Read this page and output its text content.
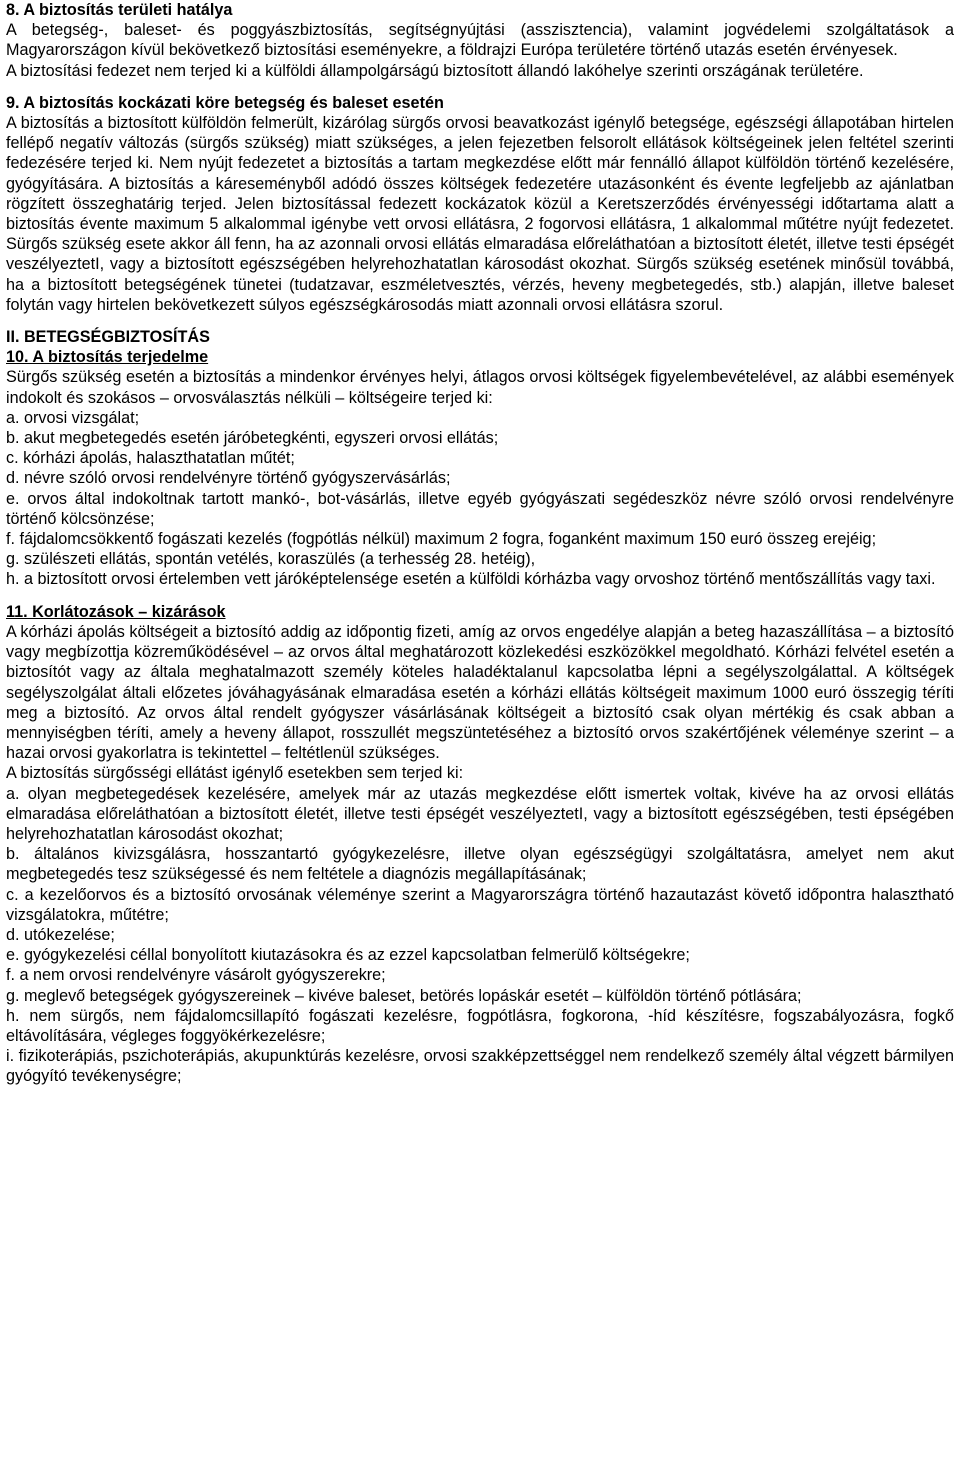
8. A biztosítás területi hatálya

A betegség-, baleset- és poggyászbiztosítás, segítségnyújtási (asszisztencia), valamint jogvédelemi szolgáltatások a Magyarországon kívül bekövetkező biztosítási eseményekre, a földrajzi Európa területére történő utazás esetén érvényesek.

A biztosítási fedezet nem terjed ki a külföldi állampolgárságú biztosított állandó lakóhelye szerinti országának területére.

9. A biztosítás kockázati köre betegség és baleset esetén

A biztosítás a biztosított külföldön felmerült, kizárólag sürgős orvosi beavatkozást igénylő betegsége, egészségi állapotában hirtelen fellépő negatív változás (sürgős szükség) miatt szükséges, a jelen fejezetben felsorolt ellátások költségeinek jelen feltétel szerinti fedezésére terjed ki. Nem nyújt fedezetet a biztosítás a tartam megkezdése előtt már fennálló állapot külföldön történő kezelésére, gyógyítására. A biztosítás a káreseményből adódó összes költségek fedezetére utazásonként és évente legfeljebb az ajánlatban rögzített összeghatárig terjed. Jelen biztosítással fedezett kockázatok közül a Keretszerződés érvényességi időtartama alatt a biztosítás évente maximum 5 alkalommal igénybe vett orvosi ellátásra, 2 fogorvosi ellátásra, 1 alkalommal műtétre nyújt fedezetet. Sürgős szükség esete akkor áll fenn, ha az azonnali orvosi ellátás elmaradása előreláthatóan a biztosított életét, illetve testi épségét veszélyeztetI, vagy a biztosított egészségében helyrehozhatatlan károsodást okozhat. Sürgős szükség esetének minősül továbbá, ha a biztosított betegségének tünetei (tudatzavar, eszméletvesztés, vérzés, heveny megbetegedés, stb.) alapján, illetve baleset folytán vagy hirtelen bekövetkezett súlyos egészségkárosodás miatt azonnali orvosi ellátásra szorul.

II. BETEGSÉGBIZTOSÍTÁS

10. A biztosítás terjedelme

Sürgős szükség esetén a biztosítás a mindenkor érvényes helyi, átlagos orvosi költségek figyelembevételével, az alábbi események indokolt és szokásos – orvosválasztás nélküli – költségeire terjed ki:

a. orvosi vizsgálat;

b. akut megbetegedés esetén járóbetegkénti, egyszeri orvosi ellátás;

c. kórházi ápolás, halaszthatatlan műtét;

d. névre szóló orvosi rendelvényre történő gyógyszervásárlás;

e. orvos által indokoltnak tartott mankó-, bot-vásárlás, illetve egyéb gyógyászati segédeszköz névre szóló orvosi rendelvényre történő kölcsönzése;

f. fájdalomcsökkentő fogászati kezelés (fogpótlás nélkül) maximum 2 fogra, foganként maximum 150 euró összeg erejéig;

g. szülészeti ellátás, spontán vetélés, koraszülés (a terhesség 28. hetéig),

h. a biztosított orvosi értelemben vett járóképtelensége esetén a külföldi kórházba vagy orvoshoz történő mentőszállítás vagy taxi.

11. Korlátozások – kizárások

A kórházi ápolás költségeit a biztosító addig az időpontig fizeti, amíg az orvos engedélye alapján a beteg hazaszállítása – a biztosító vagy megbízottja közreműködésével – az orvos által meghatározott közlekedési eszközökkel megoldható. Kórházi felvétel esetén a biztosítót vagy az általa meghatalmazott személy köteles haladéktalanul kapcsolatba lépni a segélyszolgálattal. A költségek segélyszolgálat általi előzetes jóváhagyásának elmaradása esetén a kórházi ellátás költségeit maximum 1000 euró összegig téríti meg a biztosító. Az orvos által rendelt gyógyszer vásárlásának költségeit a biztosító csak olyan mértékig és csak abban a mennyiségben téríti, amely a heveny állapot, rosszullét megszüntetéséhez a biztosító orvos szakértőjének véleménye szerint – a hazai orvosi gyakorlatra is tekintettel – feltétlenül szükséges.

A biztosítás sürgősségi ellátást igénylő esetekben sem terjed ki:

a. olyan megbetegedések kezelésére, amelyek már az utazás megkezdése előtt ismertek voltak, kivéve ha az orvosi ellátás elmaradása előreláthatóan a biztosított életét, illetve testi épségét veszélyeztetI, vagy a biztosított egészségében, testi épségében helyrehozhatatlan károsodást okozhat;

b. általános kivizsgálásra, hosszantartó gyógykezelésre, illetve olyan egészségügyi szolgáltatásra, amelyet nem akut megbetegedés tesz szükségessé és nem feltétele a diagnózis megállapításának;

c. a kezelőorvos és a biztosító orvosának véleménye szerint a Magyarországra történő hazautazást követő időpontra halasztható vizsgálatokra, műtétre;

d. utókezelése;

e. gyógykezelési céllal bonyolított kiutazásokra és az ezzel kapcsolatban felmerülő költségekre;

f. a nem orvosi rendelvényre vásárolt gyógyszerekre;

g. meglevő betegségek gyógyszereinek – kivéve baleset, betörés lopáskár esetét – külföldön történő pótlására;

h. nem sürgős, nem fájdalomcsillapító fogászati kezelésre, fogpótlásra, fogkorona, -híd készítésre, fogszabályozásra, fogkő eltávolítására, végleges foggyökérkezelésre;

i. fizikoterápiás, pszichoterápiás, akupunktúrás kezelésre, orvosi szakképzettséggel nem rendelkező személy által végzett bármilyen gyógyító tevékenységre;
